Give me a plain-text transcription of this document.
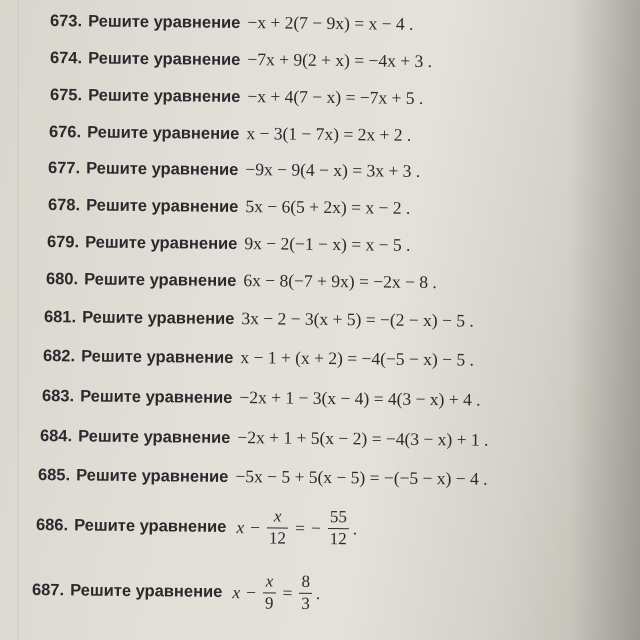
673. Решите уравнение −x + 2(7 − 9x) = x − 4 .
674. Решите уравнение −7x + 9(2 + x) = −4x + 3 .
675. Решите уравнение −x + 4(7 − x) = −7x + 5 .
676. Решите уравнение x − 3(1 − 7x) = 2x + 2 .
677. Решите уравнение −9x − 9(4 − x) = 3x + 3 .
678. Решите уравнение 5x − 6(5 + 2x) = x − 2 .
679. Решите уравнение 9x − 2(−1 − x) = x − 5 .
680. Решите уравнение 6x − 8(−7 + 9x) = −2x − 8 .
681. Решите уравнение 3x − 2 − 3(x + 5) = −(2 − x) − 5 .
682. Решите уравнение x − 1 + (x + 2) = −4(−5 − x) − 5 .
683. Решите уравнение −2x + 1 − 3(x − 4) = 4(3 − x) + 4 .
684. Решите уравнение −2x + 1 + 5(x − 2) = −4(3 − x) + 1 .
685. Решите уравнение −5x − 5 + 5(x − 5) = −(−5 − x) − 4 .
686. Решите уравнение $x - \frac{x}{12}$ = − $\frac{55}{12}$ .
687. Решите уравнение $x - \frac{x}{9} = \frac{8}{3}$ .
